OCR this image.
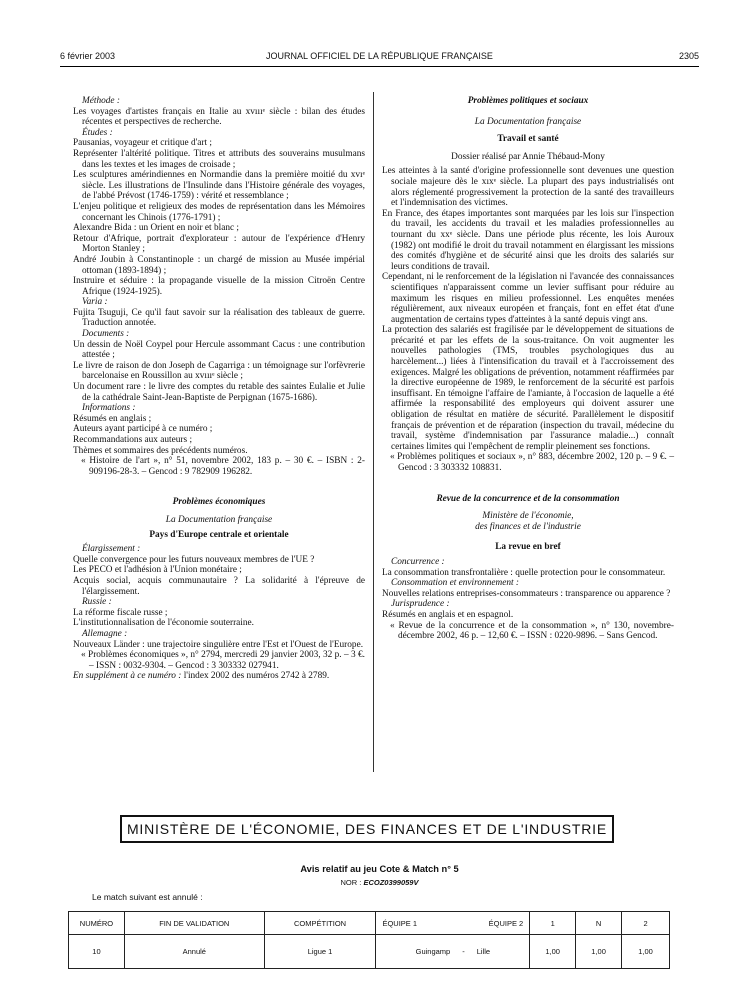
6 février 2003	JOURNAL OFFICIEL DE LA RÉPUBLIQUE FRANÇAISE	2305

Méthode :

Les voyages d'artistes français en Italie au xvıııᵉ siècle : bilan des études récentes et perspectives de recherche.

Études :

Pausanias, voyageur et critique d'art ;

Représenter l'altérité politique. Titres et attributs des souverains musulmans dans les textes et les images de croisade ;

Les sculptures amérindiennes en Normandie dans la première moitié du xvıᵉ siècle. Les illustrations de l'Insulinde dans l'Histoire générale des voyages, de l'abbé Prévost (1746-1759) : vérité et ressemblance ;

L'enjeu politique et religieux des modes de représentation dans les Mémoires concernant les Chinois (1776-1791) ;

Alexandre Bida : un Orient en noir et blanc ;

Retour d'Afrique, portrait d'explorateur : autour de l'expérience d'Henry Morton Stanley ;

André Joubin à Constantinople : un chargé de mission au Musée impérial ottoman (1893-1894) ;

Instruire et séduire : la propagande visuelle de la mission Citroën Centre Afrique (1924-1925).

Varia :

Fujita Tsuguji, Ce qu'il faut savoir sur la réalisation des tableaux de guerre. Traduction annotée.

Documents :

Un dessin de Noël Coypel pour Hercule assommant Cacus : une contribution attestée ;

Le livre de raison de don Joseph de Cagarriga : un témoignage sur l'orfèvrerie barcelonaise en Roussillon au xvıııᵉ siècle ;

Un document rare : le livre des comptes du retable des saintes Eulalie et Julie de la cathédrale Saint-Jean-Baptiste de Perpignan (1675-1686).

Informations :

Résumés en anglais ;

Auteurs ayant participé à ce numéro ;

Recommandations aux auteurs ;

Thèmes et sommaires des précédents numéros.

« Histoire de l'art », n° 51, novembre 2002, 183 p. – 30 €. – ISBN : 2-909196-28-3. – Gencod : 9 782909 196282.

Problèmes économiques

La Documentation française

Pays d'Europe centrale et orientale

Élargissement :

Quelle convergence pour les futurs nouveaux membres de l'UE ?

Les PECO et l'adhésion à l'Union monétaire ;

Acquis social, acquis communautaire ? La solidarité à l'épreuve de l'élargissement.

Russie :

La réforme fiscale russe ;

L'institutionnalisation de l'économie souterraine.

Allemagne :

Nouveaux Länder : une trajectoire singulière entre l'Est et l'Ouest de l'Europe.

« Problèmes économiques », n° 2794, mercredi 29 janvier 2003, 32 p. – 3 €. – ISSN : 0032-9304. – Gencod : 3 303332 027941.

En supplément à ce numéro : l'index 2002 des numéros 2742 à 2789.

Problèmes politiques et sociaux

La Documentation française

Travail et santé

Dossier réalisé par Annie Thébaud-Mony

Les atteintes à la santé d'origine professionnelle sont devenues une question sociale majeure dès le xıxᵉ siècle. La plupart des pays industrialisés ont alors réglementé progressivement la protection de la santé des travailleurs et l'indemnisation des victimes.

En France, des étapes importantes sont marquées par les lois sur l'inspection du travail, les accidents du travail et les maladies professionnelles au tournant du xxᵉ siècle. Dans une période plus récente, les lois Auroux (1982) ont modifié le droit du travail notamment en élargissant les missions des comités d'hygiène et de sécurité ainsi que les droits des salariés sur leurs conditions de travail.

Cependant, ni le renforcement de la législation ni l'avancée des connaissances scientifiques n'apparaissent comme un levier suffisant pour réduire au maximum les risques en milieu professionnel. Les enquêtes menées régulièrement, aux niveaux européen et français, font en effet état d'une augmentation de certains types d'atteintes à la santé depuis vingt ans.

La protection des salariés est fragilisée par le développement de situations de précarité et par les effets de la sous-traitance. On voit augmenter les nouvelles pathologies (TMS, troubles psychologiques dus au harcèlement...) liées à l'intensification du travail et à l'accroissement des exigences. Malgré les obligations de prévention, notamment réaffirmées par la directive européenne de 1989, le renforcement de la sécurité est parfois insuffisant. En témoigne l'affaire de l'amiante, à l'occasion de laquelle a été affirmée la responsabilité des employeurs qui doivent assurer une obligation de résultat en matière de sécurité. Parallèlement le dispositif français de prévention et de réparation (inspection du travail, médecine du travail, système d'indemnisation par l'assurance maladie...) connaît certaines limites qui l'empêchent de remplir pleinement ses fonctions.

« Problèmes politiques et sociaux », n° 883, décembre 2002, 120 p. – 9 €. – Gencod : 3 303332 108831.

Revue de la concurrence et de la consommation

Ministère de l'économie,

des finances et de l'industrie

La revue en bref

Concurrence :

La consommation transfrontalière : quelle protection pour le consommateur.

Consommation et environnement :

Nouvelles relations entreprises-consommateurs : transparence ou apparence ?

Jurisprudence :

Résumés en anglais et en espagnol.

« Revue de la concurrence et de la consommation », n° 130, novembre-décembre 2002, 46 p. – 12,60 €. – ISSN : 0220-9896. – Sans Gencod.

MINISTÈRE DE L'ÉCONOMIE, DES FINANCES ET DE L'INDUSTRIE
Avis relatif au jeu Cote & Match n° 5
NOR : ECOZ0399059V
Le match suivant est annulé :
NUMÉRO	FIN DE VALIDATION	COMPÉTITION	ÉQUIPE 1 ÉQUIPE 2	1	N	2
10	Annulé	Ligue 1	Guingamp - Lille	1,00	1,00	1,00
